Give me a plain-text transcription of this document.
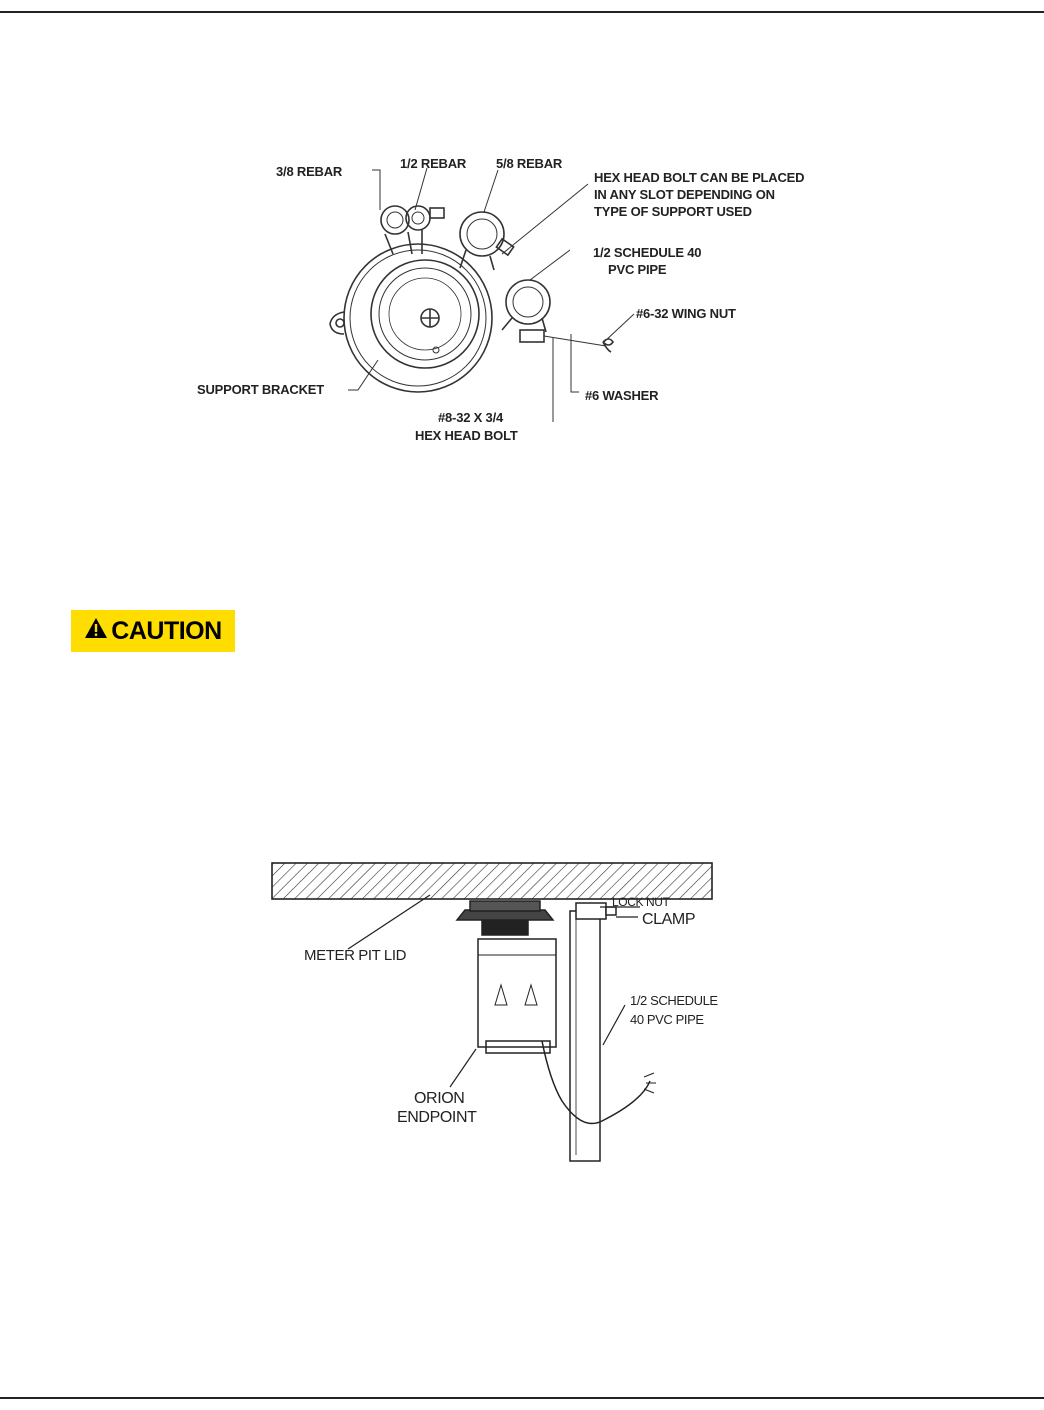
3/8 REBAR
1/2 REBAR 5/8 REBAR
HEX HEAD BOLT CAN BE PLACED
IN ANY SLOT DEPENDING ON
TYPE OF SUPPORT USED
1/2 SCHEDULE 40
PVC PIPE
#6-32 WING NUT
SUPPORT BRACKET	#6 WASHER
#8-32 X 3/4
HEX HEAD BOLT
CAUTION
LOCK NUT
CLAMP
METER PIT LID
1/2 SCHEDULE
40 PVC PIPE
ORION
ENDPOINT
